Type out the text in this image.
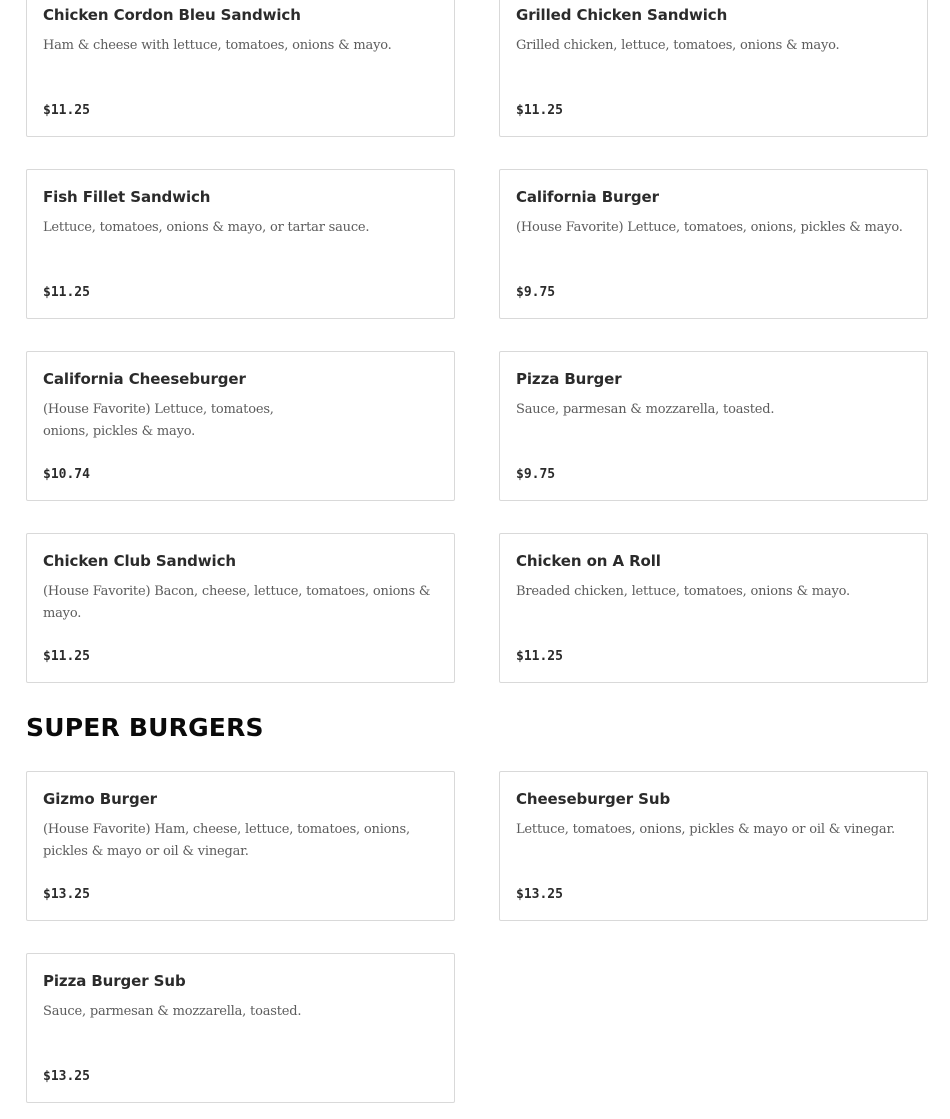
Chicken Cordon Bleu Sandwich
Ham & cheese with lettuce, tomatoes, onions & mayo.
$11.25
Grilled Chicken Sandwich
Grilled chicken, lettuce, tomatoes, onions & mayo.
$11.25
Fish Fillet Sandwich
Lettuce, tomatoes, onions & mayo, or tartar sauce.
$11.25
California Burger
(House Favorite) Lettuce, tomatoes, onions, pickles & mayo.
$9.75
California Cheeseburger
(House Favorite) Lettuce, tomatoes, onions, pickles & mayo.
$10.74
Pizza Burger
Sauce, parmesan & mozzarella, toasted.
$9.75
Chicken Club Sandwich
(House Favorite) Bacon, cheese, lettuce, tomatoes, onions & mayo.
$11.25
Chicken on A Roll
Breaded chicken, lettuce, tomatoes, onions & mayo.
$11.25
SUPER BURGERS
Gizmo Burger
(House Favorite) Ham, cheese, lettuce, tomatoes, onions, pickles & mayo or oil & vinegar.
$13.25
Cheeseburger Sub
Lettuce, tomatoes, onions, pickles & mayo or oil & vinegar.
$13.25
Pizza Burger Sub
Sauce, parmesan & mozzarella, toasted.
$13.25
